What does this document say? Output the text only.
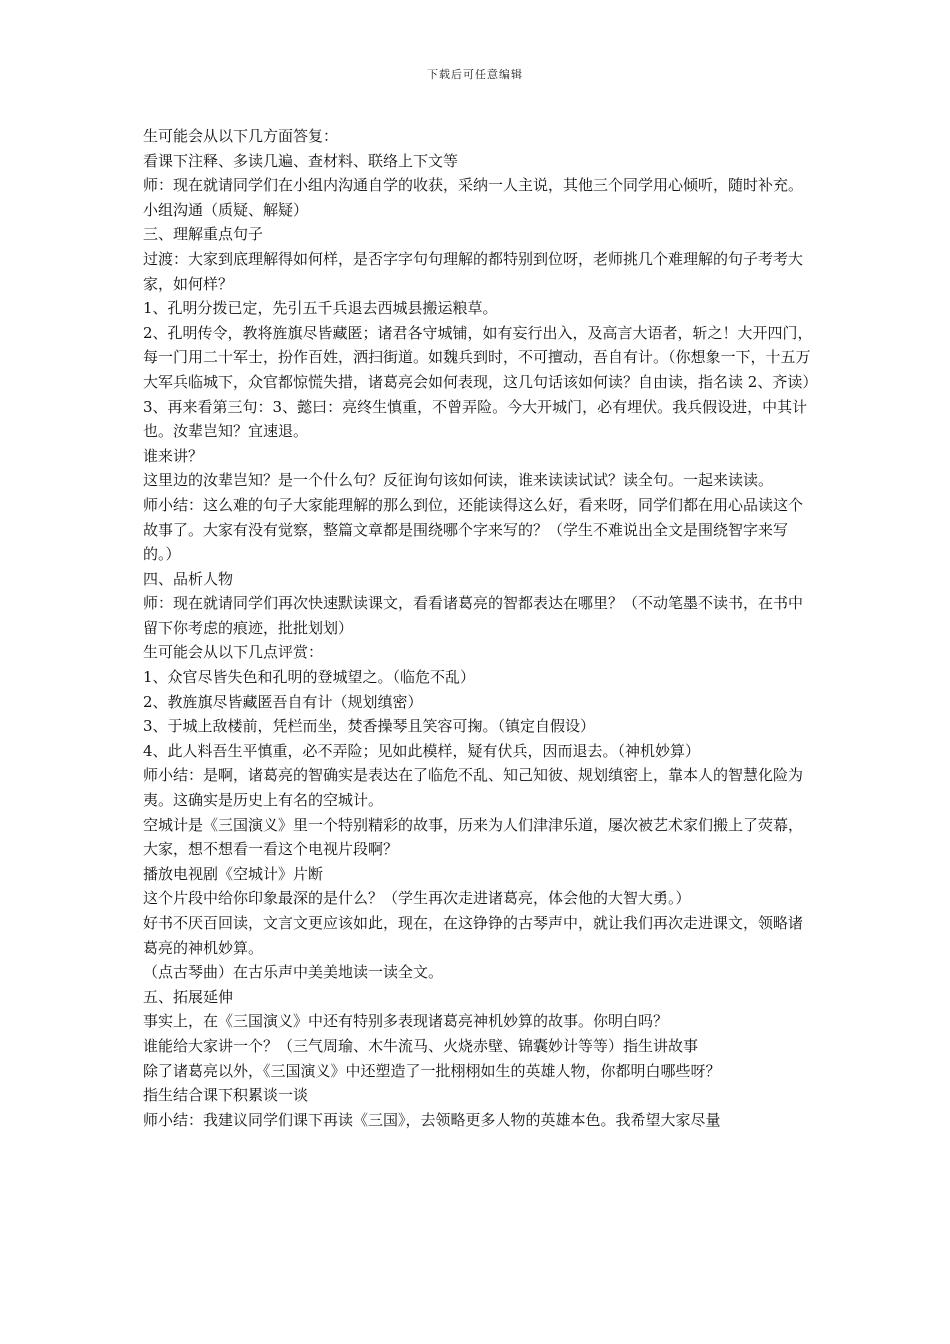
下载后可任意编辑

生可能会从以下几方面答复：

看课下注释、多读几遍、查材料、联络上下文等

师：现在就请同学们在小组内沟通自学的收获，采纳一人主说，其他三个同学用心倾听，随时补充。

小组沟通（质疑、解疑）

三、理解重点句子

过渡：大家到底理解得如何样，是否字字句句理解的都特别到位呀，老师挑几个难理解的句子考考大家，如何样？

1、孔明分拨已定，先引五千兵退去西城县搬运粮草。

2、孔明传令，教将旌旗尽皆藏匿；诸君各守城铺，如有妄行出入，及高言大语者，斩之！大开四门，每一门用二十军士，扮作百姓，洒扫街道。如魏兵到时，不可擅动，吾自有计。（你想象一下，十五万大军兵临城下，众官都惊慌失措，诸葛亮会如何表现，这几句话该如何读？自由读，指名读 2、齐读）

3、再来看第三句：3、懿曰：亮终生慎重，不曾弄险。今大开城门，必有埋伏。我兵假设进，中其计也。汝辈岂知？宜速退。

谁来讲？

这里边的汝辈岂知？是一个什么句？反征询句该如何读，谁来读读试试？读全句。一起来读读。

师小结：这么难的句子大家能理解的那么到位，还能读得这么好，看来呀，同学们都在用心品读这个故事了。大家有没有觉察，整篇文章都是围绕哪个字来写的？（学生不难说出全文是围绕智字来写的。）

四、品析人物

师：现在就请同学们再次快速默读课文，看看诸葛亮的智都表达在哪里？（不动笔墨不读书，在书中留下你考虑的痕迹，批批划划）

生可能会从以下几点评赏：

1、众官尽皆失色和孔明的登城望之。（临危不乱）

2、教旌旗尽皆藏匿吾自有计（规划缜密）

3、于城上敌楼前，凭栏而坐，焚香操琴且笑容可掬。（镇定自假设）

4、此人料吾生平慎重，必不弄险；见如此模样，疑有伏兵，因而退去。（神机妙算）

师小结：是啊，诸葛亮的智确实是表达在了临危不乱、知己知彼、规划缜密上，靠本人的智慧化险为夷。这确实是历史上有名的空城计。

空城计是《三国演义》里一个特别精彩的故事，历来为人们津津乐道，屡次被艺术家们搬上了荧幕，大家，想不想看一看这个电视片段啊？

播放电视剧《空城计》片断

这个片段中给你印象最深的是什么？（学生再次走进诸葛亮，体会他的大智大勇。）

好书不厌百回读，文言文更应该如此，现在，在这铮铮的古琴声中，就让我们再次走进课文，领略诸葛亮的神机妙算。

（点古琴曲）在古乐声中美美地读一读全文。

五、拓展延伸

事实上，在《三国演义》中还有特别多表现诸葛亮神机妙算的故事。你明白吗？

谁能给大家讲一个？（三气周瑜、木牛流马、火烧赤壁、锦囊妙计等等）指生讲故事

除了诸葛亮以外，《三国演义》中还塑造了一批栩栩如生的英雄人物，你都明白哪些呀？

指生结合课下积累谈一谈

师小结：我建议同学们课下再读《三国》，去领略更多人物的英雄本色。我希望大家尽量
